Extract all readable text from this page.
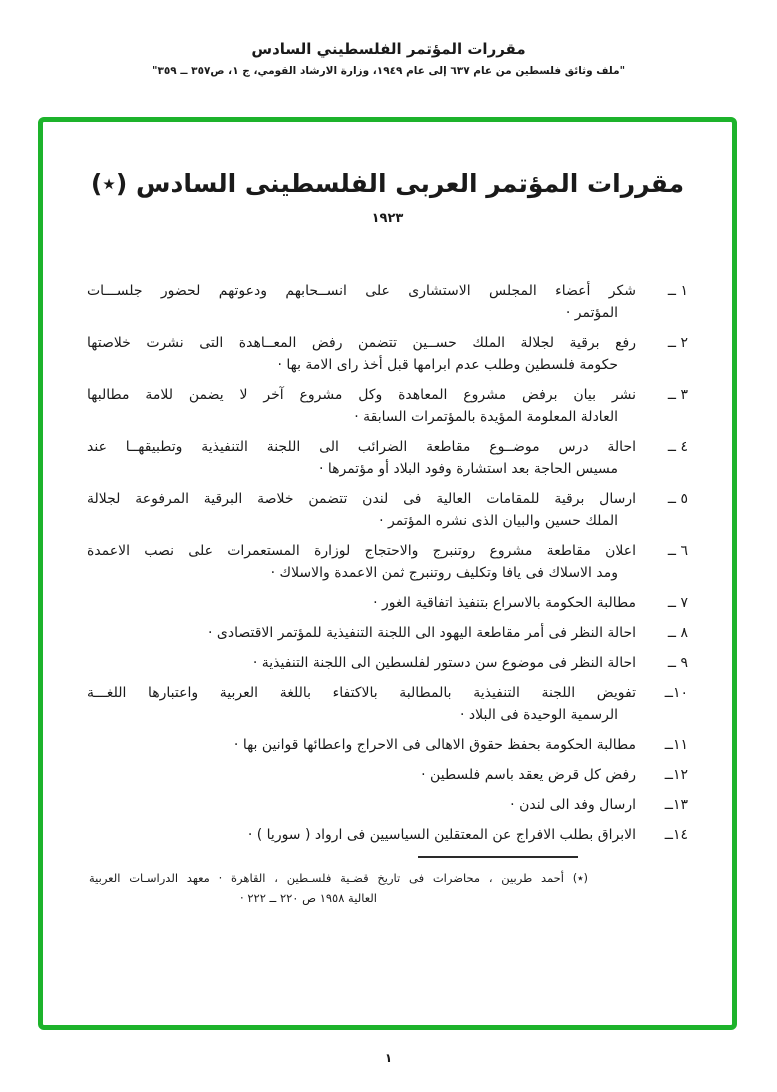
مقررات المؤتمر الفلسطيني السادس
"ملف وثائق فلسطين من عام ٦٣٧ إلى عام ١٩٤٩، وزارة الارشاد القومي، ج ١، ص٣٥٧ ــ ٣٥٩"
مقررات المؤتمر العربى الفلسطينى السادس (٭)
١٩٢٣
١ ــ
شكر أعضاء المجلس الاستشارى على انســحابهم ودعوتهم لحضور جلســـات
المؤتمر ·
٢ ــ
رفع برقية لجلالة الملك حســين تتضمن رفض المعــاهدة التى نشرت خلاصتها
حكومة فلسطين وطلب عدم ابرامها قبل أخذ راى الامة بها ·
٣ ــ
نشر بيان برفض مشروع المعاهدة وكل مشروع آخر لا يضمن للامة مطالبها
العادلة المعلومة المؤيدة بالمؤتمرات السابقة ·
٤ ــ
احالة درس موضــوع مقاطعة الضرائب الى اللجنة التنفيذية وتطبيقهــا عند
مسيس الحاجة بعد استشارة وفود البلاد أو مؤتمرها ·
٥ ــ
ارسال برقية للمقامات العالية فى لندن تتضمن خلاصة البرقية المرفوعة لجلالة
الملك حسين والبيان الذى نشره المؤتمر ·
٦ ــ
اعلان مقاطعة مشروع روتنبرج والاحتجاج لوزارة المستعمرات على نصب الاعمدة
ومد الاسلاك فى يافا وتكليف روتنبرج ثمن الاعمدة والاسلاك ·
٧ ــ
مطالبة الحكومة بالاسراع بتنفيذ اتفاقية الغور ·
٨ ــ
احالة النظر فى أمر مقاطعة اليهود الى اللجنة التنفيذية للمؤتمر الاقتصادى ·
٩ ــ
احالة النظر فى موضوع سن دستور لفلسطين الى اللجنة التنفيذية ·
١٠ــ
تفويض اللجنة التنفيذية بالمطالبة بالاكتفاء باللغة العربية واعتبارها اللغـــة
الرسمية الوحيدة فى البلاد ·
١١ــ
مطالبة الحكومة بحفظ حقوق الاهالى فى الاحراج واعطائها قوانين بها ·
١٢ــ
رفض كل قرض يعقد باسم فلسطين ·
١٣ــ
ارسال وفد الى لندن ·
١٤ــ
الابراق بطلب الافراج عن المعتقلين السياسيين فى ارواد ( سوريا ) ·
(٭) أحمد طربين ، محاضرات فى تاريخ قضـية فلسـطين ، القاهرة · معهد الدراسـات العربية
العالية ١٩٥٨ ص ٢٢٠ ــ ٢٢٢ ·
١
